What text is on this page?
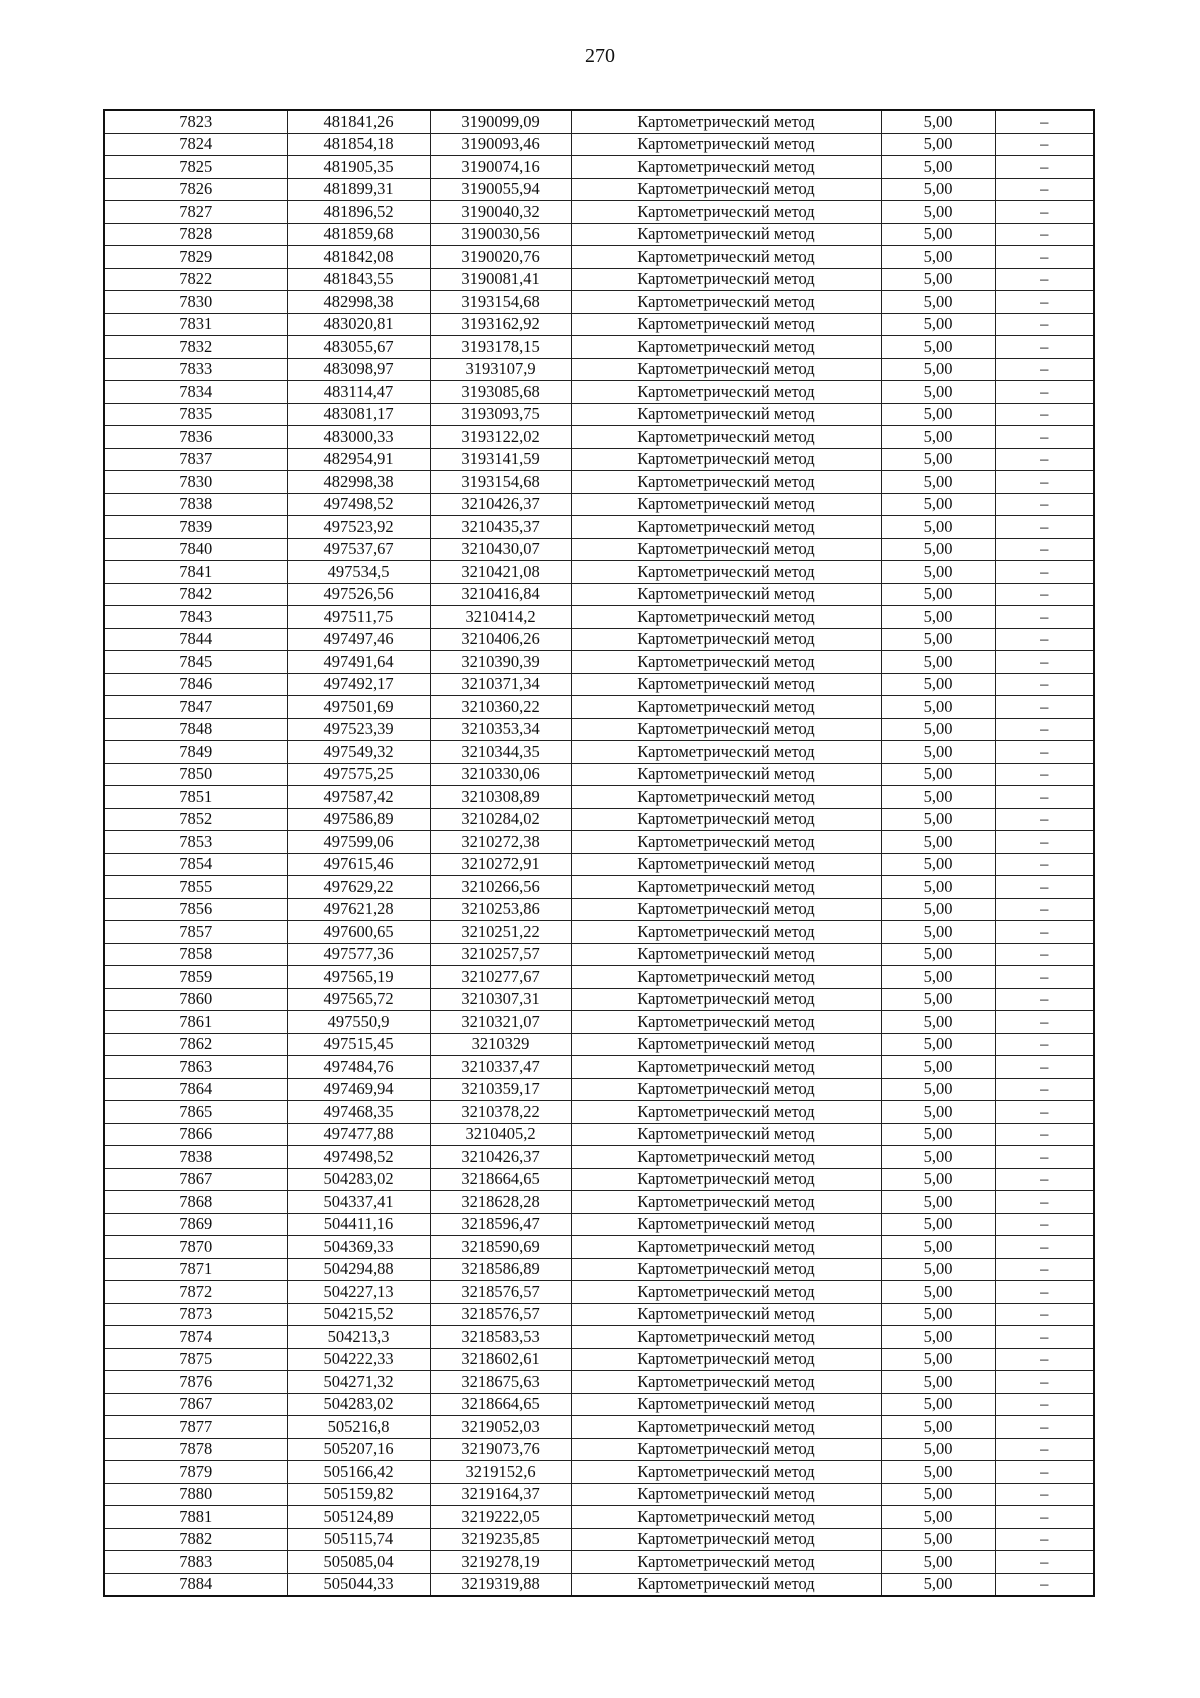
270
7823	481841,26	3190099,09	Картометрический метод	5,00	–
7824	481854,18	3190093,46	Картометрический метод	5,00	–
7825	481905,35	3190074,16	Картометрический метод	5,00	–
7826	481899,31	3190055,94	Картометрический метод	5,00	–
7827	481896,52	3190040,32	Картометрический метод	5,00	–
7828	481859,68	3190030,56	Картометрический метод	5,00	–
7829	481842,08	3190020,76	Картометрический метод	5,00	–
7822	481843,55	3190081,41	Картометрический метод	5,00	–
7830	482998,38	3193154,68	Картометрический метод	5,00	–
7831	483020,81	3193162,92	Картометрический метод	5,00	–
7832	483055,67	3193178,15	Картометрический метод	5,00	–
7833	483098,97	3193107,9	Картометрический метод	5,00	–
7834	483114,47	3193085,68	Картометрический метод	5,00	–
7835	483081,17	3193093,75	Картометрический метод	5,00	–
7836	483000,33	3193122,02	Картометрический метод	5,00	–
7837	482954,91	3193141,59	Картометрический метод	5,00	–
7830	482998,38	3193154,68	Картометрический метод	5,00	–
7838	497498,52	3210426,37	Картометрический метод	5,00	–
7839	497523,92	3210435,37	Картометрический метод	5,00	–
7840	497537,67	3210430,07	Картометрический метод	5,00	–
7841	497534,5	3210421,08	Картометрический метод	5,00	–
7842	497526,56	3210416,84	Картометрический метод	5,00	–
7843	497511,75	3210414,2	Картометрический метод	5,00	–
7844	497497,46	3210406,26	Картометрический метод	5,00	–
7845	497491,64	3210390,39	Картометрический метод	5,00	–
7846	497492,17	3210371,34	Картометрический метод	5,00	–
7847	497501,69	3210360,22	Картометрический метод	5,00	–
7848	497523,39	3210353,34	Картометрический метод	5,00	–
7849	497549,32	3210344,35	Картометрический метод	5,00	–
7850	497575,25	3210330,06	Картометрический метод	5,00	–
7851	497587,42	3210308,89	Картометрический метод	5,00	–
7852	497586,89	3210284,02	Картометрический метод	5,00	–
7853	497599,06	3210272,38	Картометрический метод	5,00	–
7854	497615,46	3210272,91	Картометрический метод	5,00	–
7855	497629,22	3210266,56	Картометрический метод	5,00	–
7856	497621,28	3210253,86	Картометрический метод	5,00	–
7857	497600,65	3210251,22	Картометрический метод	5,00	–
7858	497577,36	3210257,57	Картометрический метод	5,00	–
7859	497565,19	3210277,67	Картометрический метод	5,00	–
7860	497565,72	3210307,31	Картометрический метод	5,00	–
7861	497550,9	3210321,07	Картометрический метод	5,00	–
7862	497515,45	3210329	Картометрический метод	5,00	–
7863	497484,76	3210337,47	Картометрический метод	5,00	–
7864	497469,94	3210359,17	Картометрический метод	5,00	–
7865	497468,35	3210378,22	Картометрический метод	5,00	–
7866	497477,88	3210405,2	Картометрический метод	5,00	–
7838	497498,52	3210426,37	Картометрический метод	5,00	–
7867	504283,02	3218664,65	Картометрический метод	5,00	–
7868	504337,41	3218628,28	Картометрический метод	5,00	–
7869	504411,16	3218596,47	Картометрический метод	5,00	–
7870	504369,33	3218590,69	Картометрический метод	5,00	–
7871	504294,88	3218586,89	Картометрический метод	5,00	–
7872	504227,13	3218576,57	Картометрический метод	5,00	–
7873	504215,52	3218576,57	Картометрический метод	5,00	–
7874	504213,3	3218583,53	Картометрический метод	5,00	–
7875	504222,33	3218602,61	Картометрический метод	5,00	–
7876	504271,32	3218675,63	Картометрический метод	5,00	–
7867	504283,02	3218664,65	Картометрический метод	5,00	–
7877	505216,8	3219052,03	Картометрический метод	5,00	–
7878	505207,16	3219073,76	Картометрический метод	5,00	–
7879	505166,42	3219152,6	Картометрический метод	5,00	–
7880	505159,82	3219164,37	Картометрический метод	5,00	–
7881	505124,89	3219222,05	Картометрический метод	5,00	–
7882	505115,74	3219235,85	Картометрический метод	5,00	–
7883	505085,04	3219278,19	Картометрический метод	5,00	–
7884	505044,33	3219319,88	Картометрический метод	5,00	–
